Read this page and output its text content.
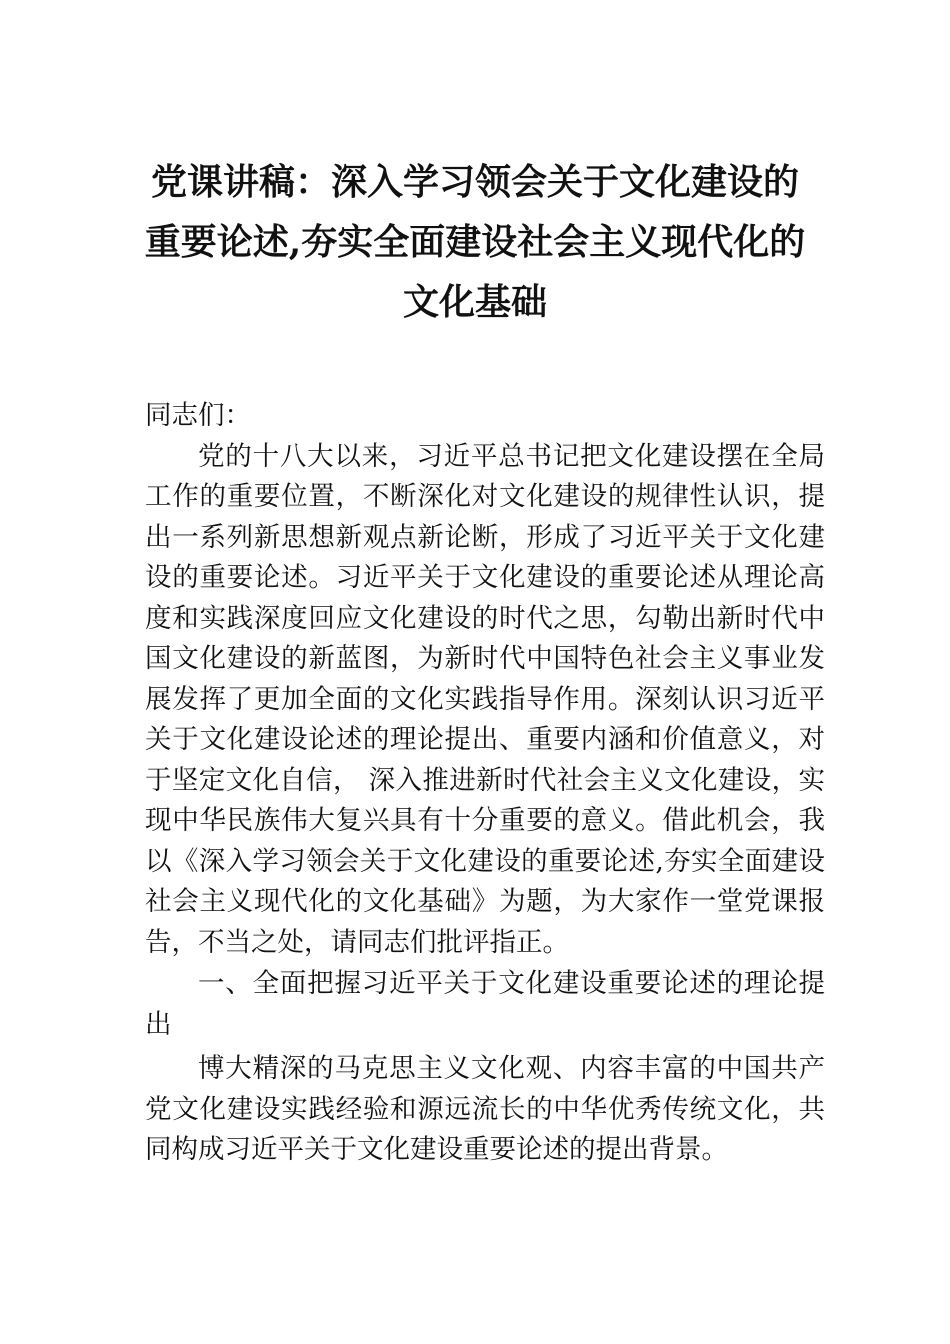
党课讲稿：深入学习领会关于文化建设的
重要论述,夯实全面建设社会主义现代化的
文化基础

同志们：

党的十八大以来，习近平总书记把文化建设摆在全局工作的重要位置，不断深化对文化建设的规律性认识，提出一系列新思想新观点新论断，形成了习近平关于文化建设的重要论述。习近平关于文化建设的重要论述从理论高度和实践深度回应文化建设的时代之思，勾勒出新时代中国文化建设的新蓝图，为新时代中国特色社会主义事业发展发挥了更加全面的文化实践指导作用。深刻认识习近平关于文化建设论述的理论提出、重要内涵和价值意义，对于坚定文化自信， 深入推进新时代社会主义文化建设，实现中华民族伟大复兴具有十分重要的意义。借此机会，我以《深入学习领会关于文化建设的重要论述,夯实全面建设社会主义现代化的文化基础》为题，为大家作一堂党课报告，不当之处，请同志们批评指正。

一、全面把握习近平关于文化建设重要论述的理论提出

博大精深的马克思主义文化观、内容丰富的中国共产党文化建设实践经验和源远流长的中华优秀传统文化，共同构成习近平关于文化建设重要论述的提出背景。
